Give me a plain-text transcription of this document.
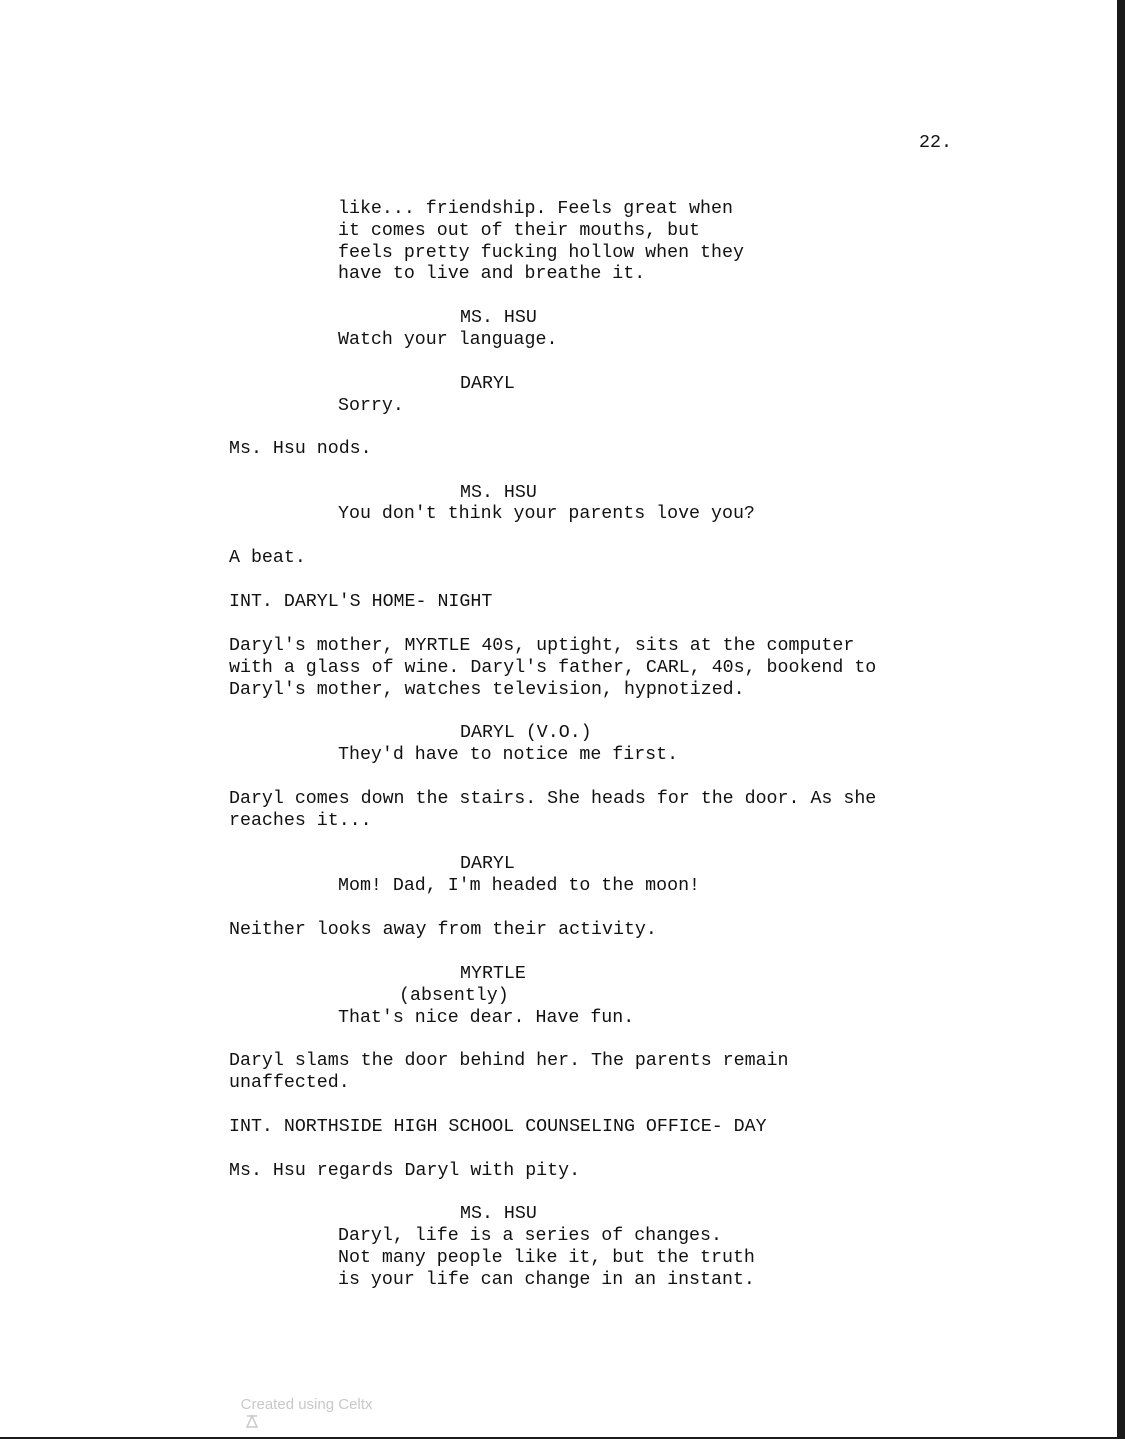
22.
like... friendship. Feels great when
it comes out of their mouths, but
feels pretty fucking hollow when they
have to live and breathe it.
MS. HSU
Watch your language.
DARYL
Sorry.
Ms. Hsu nods.
MS. HSU
You don't think your parents love you?
A beat.
INT. DARYL'S HOME- NIGHT
Daryl's mother, MYRTLE 40s, uptight, sits at the computer
with a glass of wine. Daryl's father, CARL, 40s, bookend to
Daryl's mother, watches television, hypnotized.
DARYL (V.O.)
They'd have to notice me first.
Daryl comes down the stairs. She heads for the door. As she
reaches it...
DARYL
Mom! Dad, I'm headed to the moon!
Neither looks away from their activity.
MYRTLE
(absently)
That's nice dear. Have fun.
Daryl slams the door behind her. The parents remain
unaffected.
INT. NORTHSIDE HIGH SCHOOL COUNSELING OFFICE- DAY
Ms. Hsu regards Daryl with pity.
MS. HSU
Daryl, life is a series of changes.
Not many people like it, but the truth
is your life can change in an instant.

Created using Celtx
